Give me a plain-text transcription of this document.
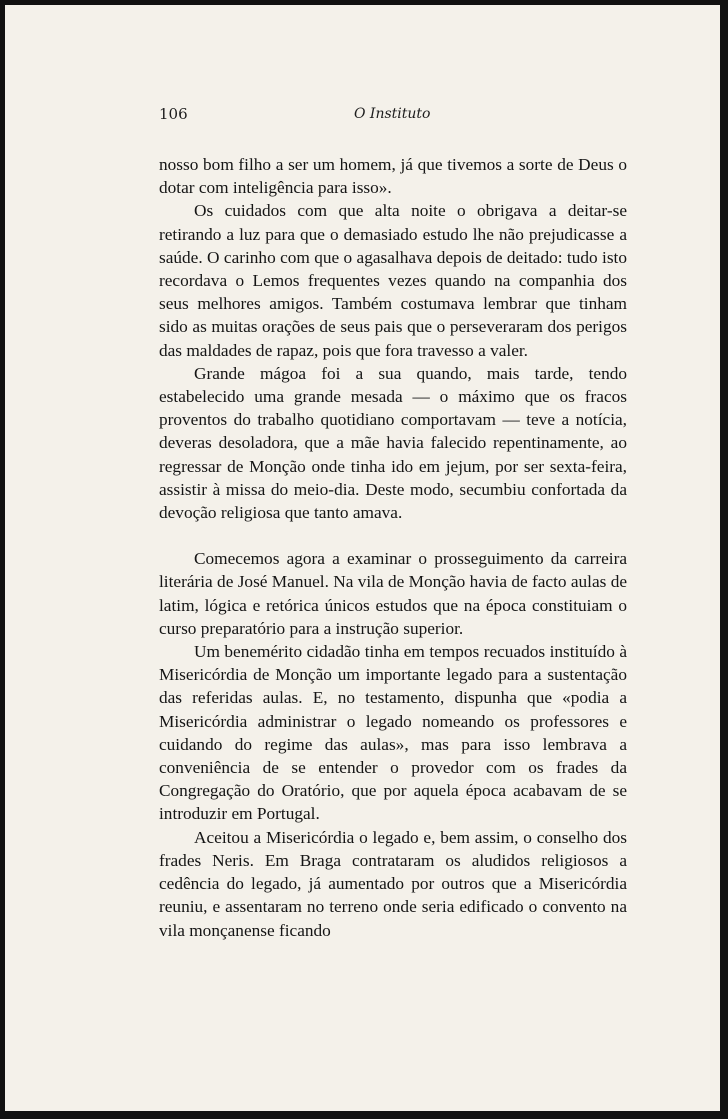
106	O Instituto

nosso bom filho a ser um homem, já que tivemos a sorte de Deus o dotar com inteligência para isso».

Os cuidados com que alta noite o obrigava a deitar-se retirando a luz para que o demasiado estudo lhe não prejudicasse a saúde. O carinho com que o agasalhava depois de deitado: tudo isto recordava o Lemos frequentes vezes quando na companhia dos seus melhores amigos. Também costumava lembrar que tinham sido as muitas orações de seus pais que o perseveraram dos perigos das maldades de rapaz, pois que fora travesso a valer.

Grande mágoa foi a sua quando, mais tarde, tendo estabelecido uma grande mesada — o máximo que os fracos proventos do trabalho quotidiano comportavam — teve a notícia, deveras desoladora, que a mãe havia falecido repentinamente, ao regressar de Monção onde tinha ido em jejum, por ser sexta-feira, assistir à missa do meio-dia. Deste modo, secumbiu confortada da devoção religiosa que tanto amava.

Comecemos agora a examinar o prosseguimento da carreira literária de José Manuel. Na vila de Monção havia de facto aulas de latim, lógica e retórica únicos estudos que na época constituiam o curso preparatório para a instrução superior.

Um benemérito cidadão tinha em tempos recuados instituído à Misericórdia de Monção um importante legado para a sustentação das referidas aulas. E, no testamento, dispunha que «podia a Misericórdia administrar o legado nomeando os professores e cuidando do regime das aulas», mas para isso lembrava a conveniência de se entender o provedor com os frades da Congregação do Oratório, que por aquela época acabavam de se introduzir em Portugal.

Aceitou a Misericórdia o legado e, bem assim, o conselho dos frades Neris. Em Braga contrataram os aludidos religiosos a cedência do legado, já aumentado por outros que a Misericórdia reuniu, e assentaram no terreno onde seria edificado o convento na vila monçanense ficando
